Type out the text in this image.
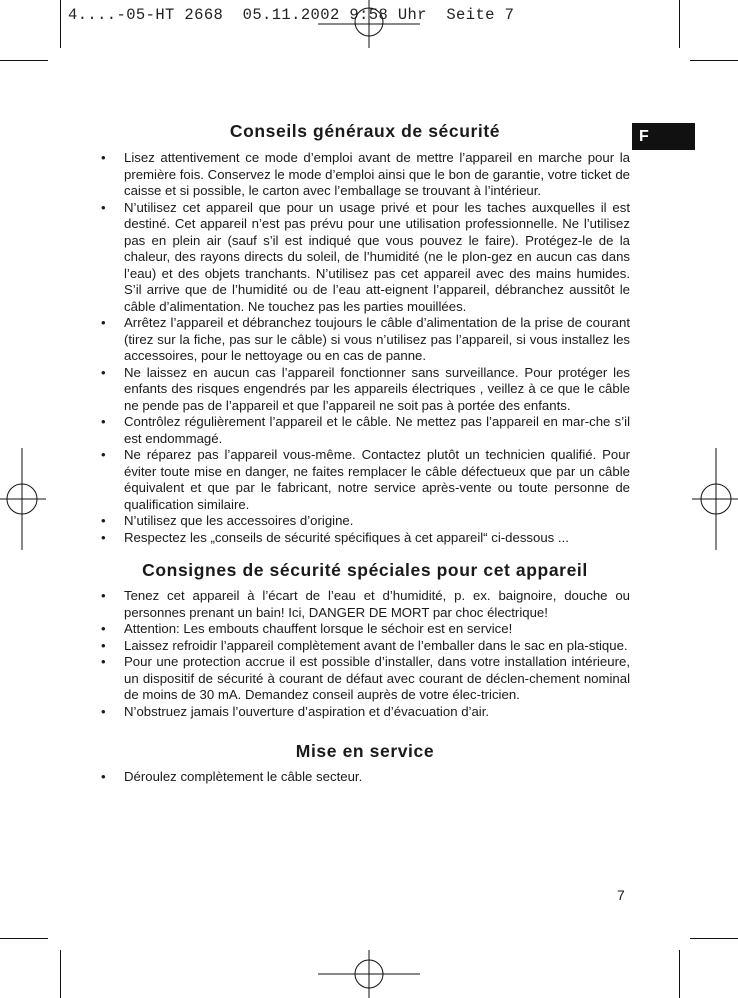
4....-05-HT 2668  05.11.2002 9:58 Uhr  Seite 7
F
Conseils généraux de sécurité
• Lisez attentivement ce mode d’emploi avant de mettre l’appareil en marche pour la première fois. Conservez le mode d’emploi ainsi que le bon de garantie, votre ticket de caisse et si possible, le carton avec l’emballage se trouvant à l’intérieur.
• N’utilisez cet appareil que pour un usage privé et pour les taches auxquelles il est destiné. Cet appareil n’est pas prévu pour une utilisation professionnelle. Ne l’utilisez pas en plein air (sauf s’il est indiqué que vous pouvez le faire). Protégez-le de la chaleur, des rayons directs du soleil, de l’humidité (ne le plon-gez en aucun cas dans l’eau) et des objets tranchants. N’utilisez pas cet appareil avec des mains humides. S’il arrive que de l’humidité ou de l’eau att-eignent l’appareil, débranchez aussitôt le câble d’alimentation. Ne touchez pas les parties mouillées.
• Arrêtez l’appareil et débranchez toujours le câble d’alimentation de la prise de courant (tirez sur la fiche, pas sur le câble) si vous n’utilisez pas l’appareil, si vous installez les accessoires, pour le nettoyage ou en cas de panne.
• Ne laissez en aucun cas l’appareil fonctionner sans surveillance. Pour protéger les enfants des risques engendrés par les appareils électriques , veillez à ce que le câble ne pende pas de l’appareil et que l’appareil ne soit pas à portée des enfants.
• Contrôlez régulièrement l’appareil et le câble. Ne mettez pas l’appareil en mar-che s’il est endommagé.
• Ne réparez pas l’appareil vous-même. Contactez plutôt un technicien qualifié. Pour éviter toute mise en danger, ne faites remplacer le câble défectueux que par un câble équivalent et que par le fabricant, notre service après-vente ou toute personne de qualification similaire.
• N’utilisez que les accessoires d’origine.
• Respectez les „conseils de sécurité spécifiques à cet appareil“ ci-dessous ...
Consignes de sécurité spéciales pour cet appareil
• Tenez cet appareil à l’écart de l’eau et d’humidité, p. ex. baignoire, douche ou personnes prenant un bain! Ici, DANGER DE MORT par choc électrique!
• Attention: Les embouts chauffent lorsque le séchoir est en service!
• Laissez refroidir l’appareil complètement avant de l’emballer dans le sac en pla-stique.
• Pour une protection accrue il est possible d’installer, dans votre installation intérieure, un dispositif de sécurité à courant de défaut avec courant de déclen-chement nominal de moins de 30 mA. Demandez conseil auprès de votre élec-tricien.
• N’obstruez jamais l’ouverture d’aspiration et d’évacuation d’air.
Mise en service
• Déroulez complètement le câble secteur.
7
